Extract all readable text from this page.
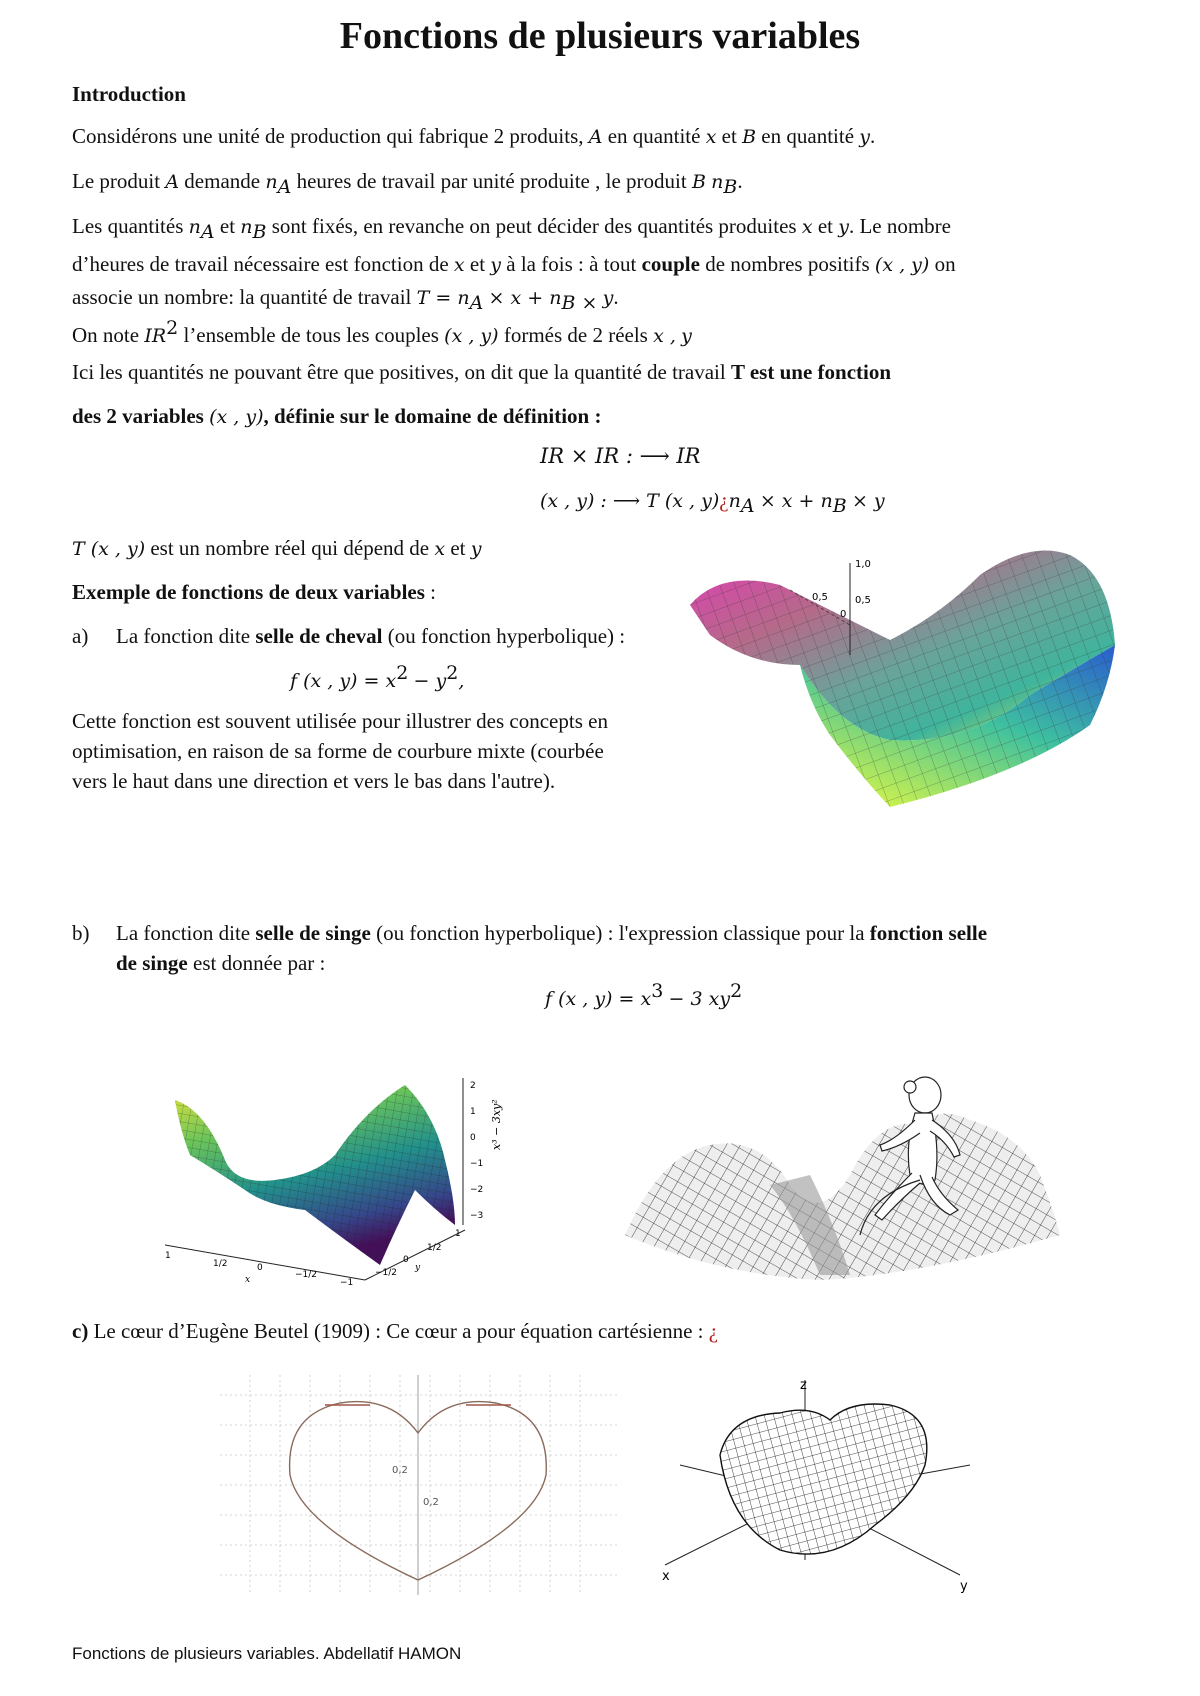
Fonctions de plusieurs variables
Introduction
Considérons une unité de production qui fabrique 2 produits, A en quantité x et B en quantité y.
Le produit A demande $n_A$ heures de travail par unité produite , le produit B $n_B$.
Les quantités $n_A$ et $n_B$ sont fixés, en revanche on peut décider des quantités produites x et y. Le nombre
d’heures de travail nécessaire est fonction de x et y à la fois : à tout couple de nombres positifs (x , y) on
associe un nombre: la quantité de travail $T = n_A \times x + n_{B \times}$ y.
On note $IR^2$ l’ensemble de tous les couples (x , y) formés de 2 réels x , y
Ici les quantités ne pouvant être que positives, on dit que la quantité de travail T est une fonction
des 2 variables (x , y), définie sur le domaine de définition :
IR × IR : ⟶ IR
(x , y) : ⟶ T (x , $y)¿n_A \times x + n_B \times y$
T (x , y) est un nombre réel qui dépend de x et y
Exemple de fonctions de deux variables :
a) La fonction dite selle de cheval (ou fonction hyperbolique) :
f (x , $y) = x^2 - y^2$,
Cette fonction est souvent utilisée pour illustrer des concepts en
optimisation, en raison de sa forme de courbure mixte (courbée
vers le haut dans une direction et vers le bas dans l'autre).
1,0
0,5
0,5
0
b) La fonction dite selle de singe (ou fonction hyperbolique) : l'expression classique pour la fonction selle
de singe est donnée par :
f (x , $y) = x^3 - 3$ $xy^2$
2
1
0
−1
−2
−3
x³ − 3xy²
1
1/2	0
−1/2
−1
x
−1/2
0
1/2
1
y
c) Le cœur d’Eugène Beutel (1909) : Ce cœur a pour équation cartésienne : ¿
0,2
0,2
z
x
y
Fonctions de plusieurs variables. Abdellatif HAMON
